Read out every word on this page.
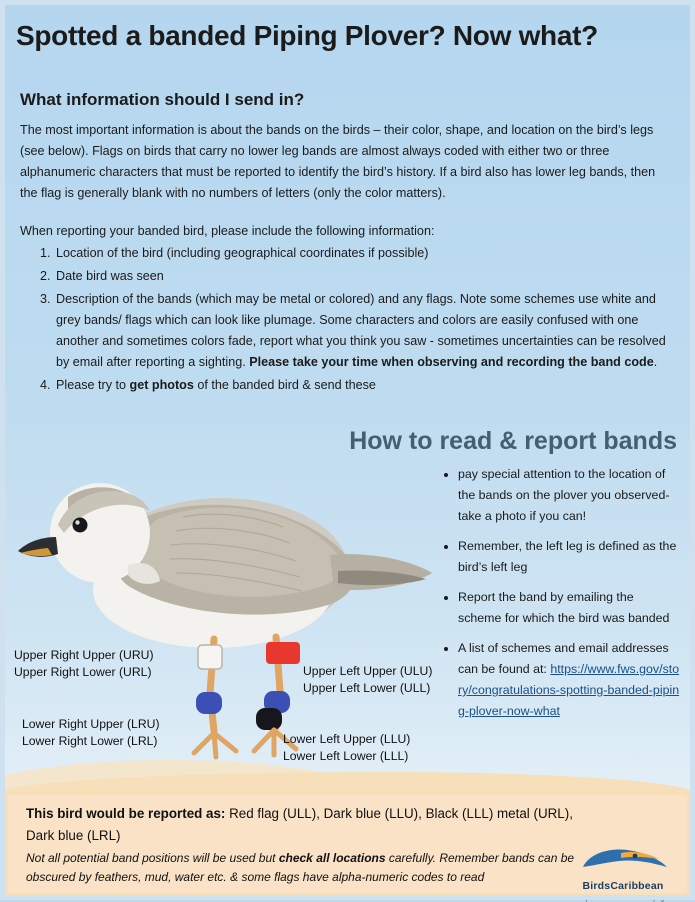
Spotted a banded Piping Plover? Now what?
What information should I send in?
The most important information is about the bands on the birds – their color, shape, and location on the bird’s legs (see below). Flags on birds that carry no lower leg bands are almost always coded with either two or three alphanumeric characters that must be reported to identify the bird’s history. If a bird also has lower leg bands, then the flag is generally blank with no numbers of letters (only the color matters).
When reporting your banded bird, please include the following information:
1. Location of the bird (including geographical coordinates if possible)
2. Date bird was seen
3. Description of the bands (which may be metal or colored) and any flags. Note some schemes use white and grey bands/ flags which can look like plumage. Some characters and colors are easily confused with one another and sometimes colors fade, report what you think you saw - sometimes uncertainties can be resolved by email after reporting a sighting. Please take your time when observing and recording the band code.
4. Please try to get photos of the banded bird & send these
How to read & report bands
• pay special attention to the location of the bands on the plover you observed- take a photo if you can!
• Remember, the left leg is defined as the bird’s left leg
• Report the band by emailing the scheme for which the bird was banded
• A list of schemes and email addresses can be found at: https://www.fws.gov/story/congratulations-spotting-banded-piping-plover-now-what
Upper Right Upper (URU)
Upper Right Lower (URL)
Lower Right Upper (LRU)
Lower Right Lower (LRL)
Upper Left Upper (ULU)
Upper Left Lower (ULL)
Lower Left Upper (LLU)
Lower Left Lower (LLL)
This bird would be reported as: Red flag (ULL), Dark blue (LLU), Black (LLL) metal (URL), Dark blue (LRL)
Not all potential band positions will be used but check all locations carefully. Remember bands can be obscured by feathers, mud, water etc. & some flags have alpha-numeric codes to read
BirdsCaribbean
adapted from USFWS webpages
